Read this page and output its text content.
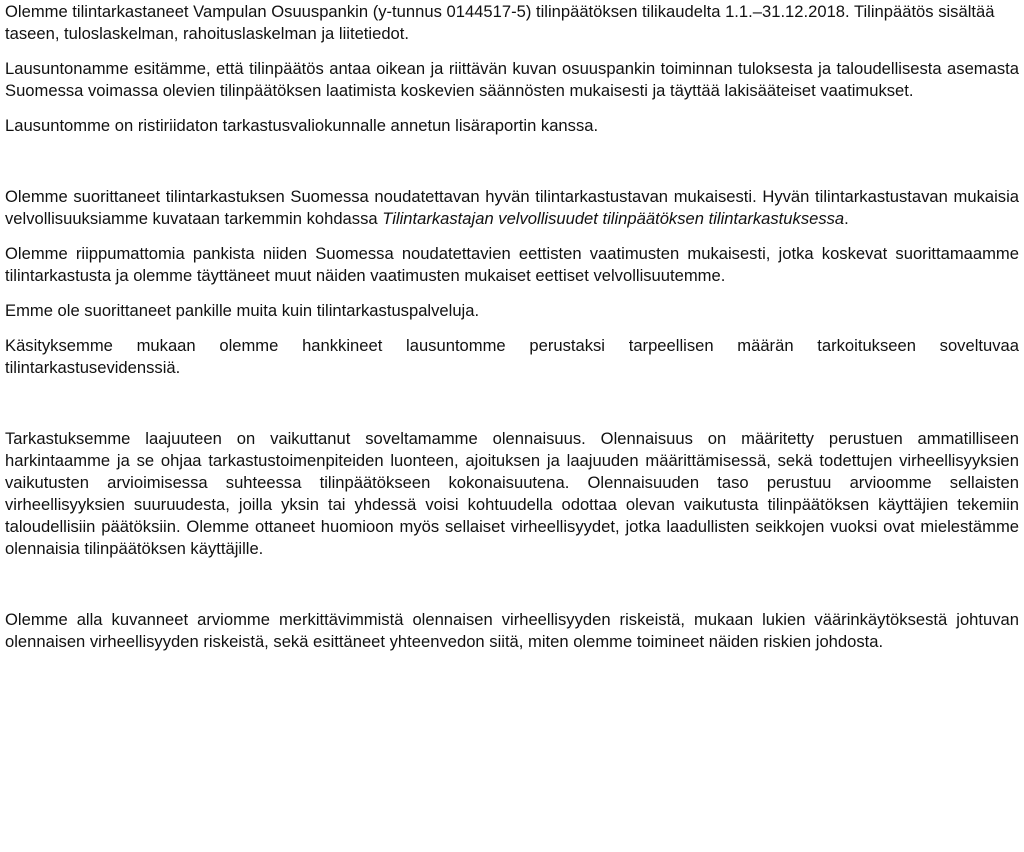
Olemme tilintarkastaneet Vampulan Osuuspankin (y-tunnus 0144517-5) tilinpäätöksen tilikaudelta 1.1.–31.12.2018. Tilinpäätös sisältää taseen, tuloslaskelman, rahoituslaskelman ja liitetiedot.

Lausuntonamme esitämme, että tilinpäätös antaa oikean ja riittävän kuvan osuuspankin toiminnan tuloksesta ja taloudellisesta asemasta Suomessa voimassa olevien tilinpäätöksen laatimista koskevien säännösten mukaisesti ja täyttää lakisääteiset vaatimukset.

Lausuntomme on ristiriidaton tarkastusvaliokunnalle annetun lisäraportin kanssa.

Olemme suorittaneet tilintarkastuksen Suomessa noudatettavan hyvän tilintarkastustavan mukaisesti. Hyvän tilintarkastustavan mukaisia velvollisuuksiamme kuvataan tarkemmin kohdassa Tilintarkastajan velvollisuudet tilinpäätöksen tilintarkastuksessa.

Olemme riippumattomia pankista niiden Suomessa noudatettavien eettisten vaatimusten mukaisesti, jotka koskevat suorittamaamme tilintarkastusta ja olemme täyttäneet muut näiden vaatimusten mukaiset eettiset velvollisuutemme.

Emme ole suorittaneet pankille muita kuin tilintarkastuspalveluja.

Käsityksemme mukaan olemme hankkineet lausuntomme perustaksi tarpeellisen määrän tarkoitukseen soveltuvaa tilintarkastusevidenssiä.

Tarkastuksemme laajuuteen on vaikuttanut soveltamamme olennaisuus. Olennaisuus on määritetty perustuen ammatilliseen harkintaamme ja se ohjaa tarkastustoimenpiteiden luonteen, ajoituksen ja laajuuden määrittämisessä, sekä todettujen virheellisyyksien vaikutusten arvioimisessa suhteessa tilinpäätökseen kokonaisuutena. Olennaisuuden taso perustuu arvioomme sellaisten virheellisyyksien suuruudesta, joilla yksin tai yhdessä voisi kohtuudella odottaa olevan vaikutusta tilinpäätöksen käyttäjien tekemiin taloudellisiin päätöksiin. Olemme ottaneet huomioon myös sellaiset virheellisyydet, jotka laadullisten seikkojen vuoksi ovat mielestämme olennaisia tilinpäätöksen käyttäjille.

Olemme alla kuvanneet arviomme merkittävimmistä olennaisen virheellisyyden riskeistä, mukaan lukien väärinkäytöksestä johtuvan olennaisen virheellisyyden riskeistä, sekä esittäneet yhteenvedon siitä, miten olemme toimineet näiden riskien johdosta.
